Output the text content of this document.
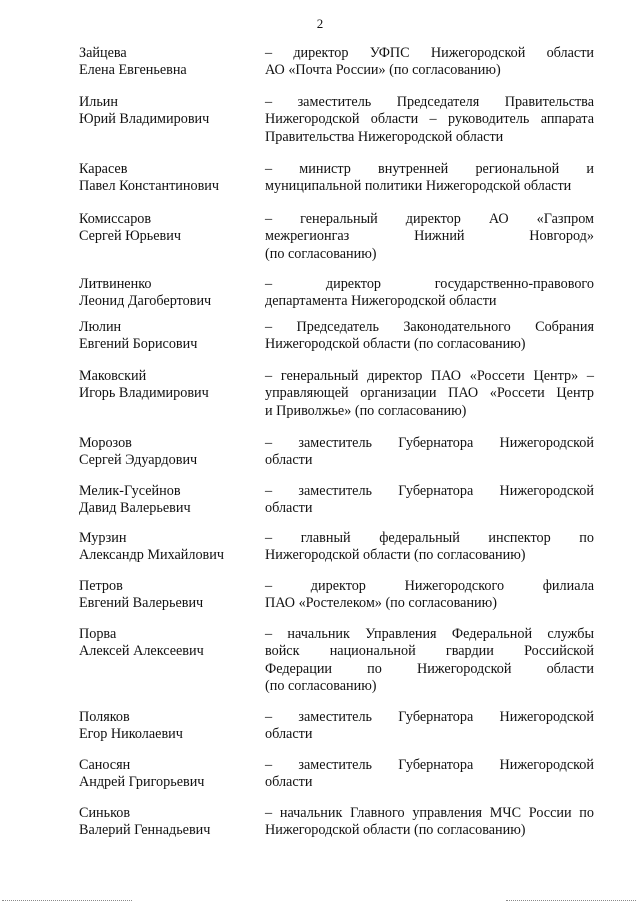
2
Зайцева
Елена Евгеньевна
– директор УФПС Нижегородской области
АО «Почта России» (по согласованию)
Ильин
Юрий Владимирович
– заместитель Председателя Правительства
Нижегородской области – руководитель аппарата
Правительства Нижегородской области
Карасев
Павел Константинович
– министр внутренней региональной и
муниципальной политики Нижегородской области
Комиссаров
Сергей Юрьевич
– генеральный директор АО «Газпром
межрегионгаз Нижний Новгород»
(по согласованию)
Литвиненко
Леонид Дагобертович
– директор государственно-правового
департамента Нижегородской области
Люлин
Евгений Борисович
– Председатель Законодательного Собрания
Нижегородской области (по согласованию)
Маковский
Игорь Владимирович
– генеральный директор ПАО «Россети Центр» –
управляющей организации ПАО «Россети Центр
и Приволжье» (по согласованию)
Морозов
Сергей Эдуардович
– заместитель Губернатора Нижегородской
области
Мелик-Гусейнов
Давид Валерьевич
– заместитель Губернатора Нижегородской
области
Мурзин
Александр Михайлович
– главный федеральный инспектор по
Нижегородской области (по согласованию)
Петров
Евгений Валерьевич
– директор Нижегородского филиала
ПАО «Ростелеком» (по согласованию)
Порва
Алексей Алексеевич
– начальник Управления Федеральной службы
войск национальной гвардии Российской
Федерации по Нижегородской области
(по согласованию)
Поляков
Егор Николаевич
– заместитель Губернатора Нижегородской
области
Саносян
Андрей Григорьевич
– заместитель Губернатора Нижегородской
области
Синьков
Валерий Геннадьевич
– начальник Главного управления МЧС России по
Нижегородской области (по согласованию)
